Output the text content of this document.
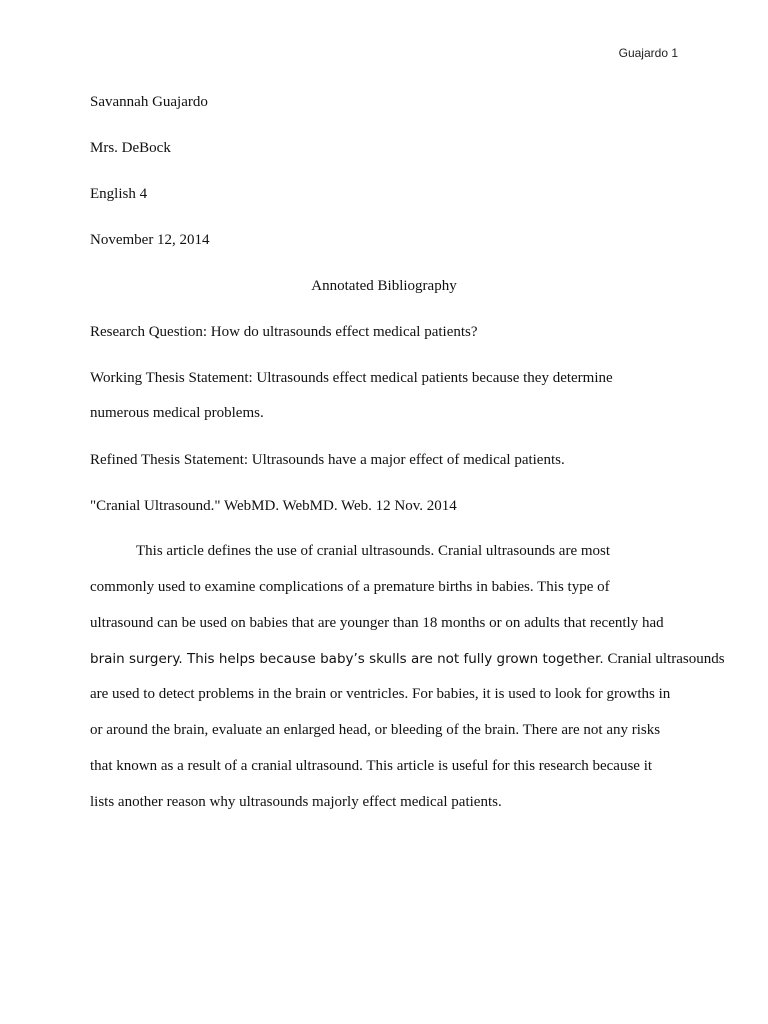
Guajardo 1
Savannah Guajardo
Mrs. DeBock
English 4
November 12, 2014
Annotated Bibliography
Research Question: How do ultrasounds effect medical patients?
Working Thesis Statement: Ultrasounds effect medical patients because they determine
numerous medical problems.
Refined Thesis Statement: Ultrasounds have a major effect of medical patients.
"Cranial Ultrasound." WebMD. WebMD. Web. 12 Nov. 2014
This article defines the use of cranial ultrasounds. Cranial ultrasounds are most
commonly used to examine complications of a premature births in babies. This type of
ultrasound can be used on babies that are younger than 18 months or on adults that recently had
brain surgery. This helps because baby’s skulls are not fully grown together. Cranial ultrasounds
are used to detect problems in the brain or ventricles. For babies, it is used to look for growths in
or around the brain, evaluate an enlarged head, or bleeding of the brain. There are not any risks
that known as a result of a cranial ultrasound. This article is useful for this research because it
lists another reason why ultrasounds majorly effect medical patients.
